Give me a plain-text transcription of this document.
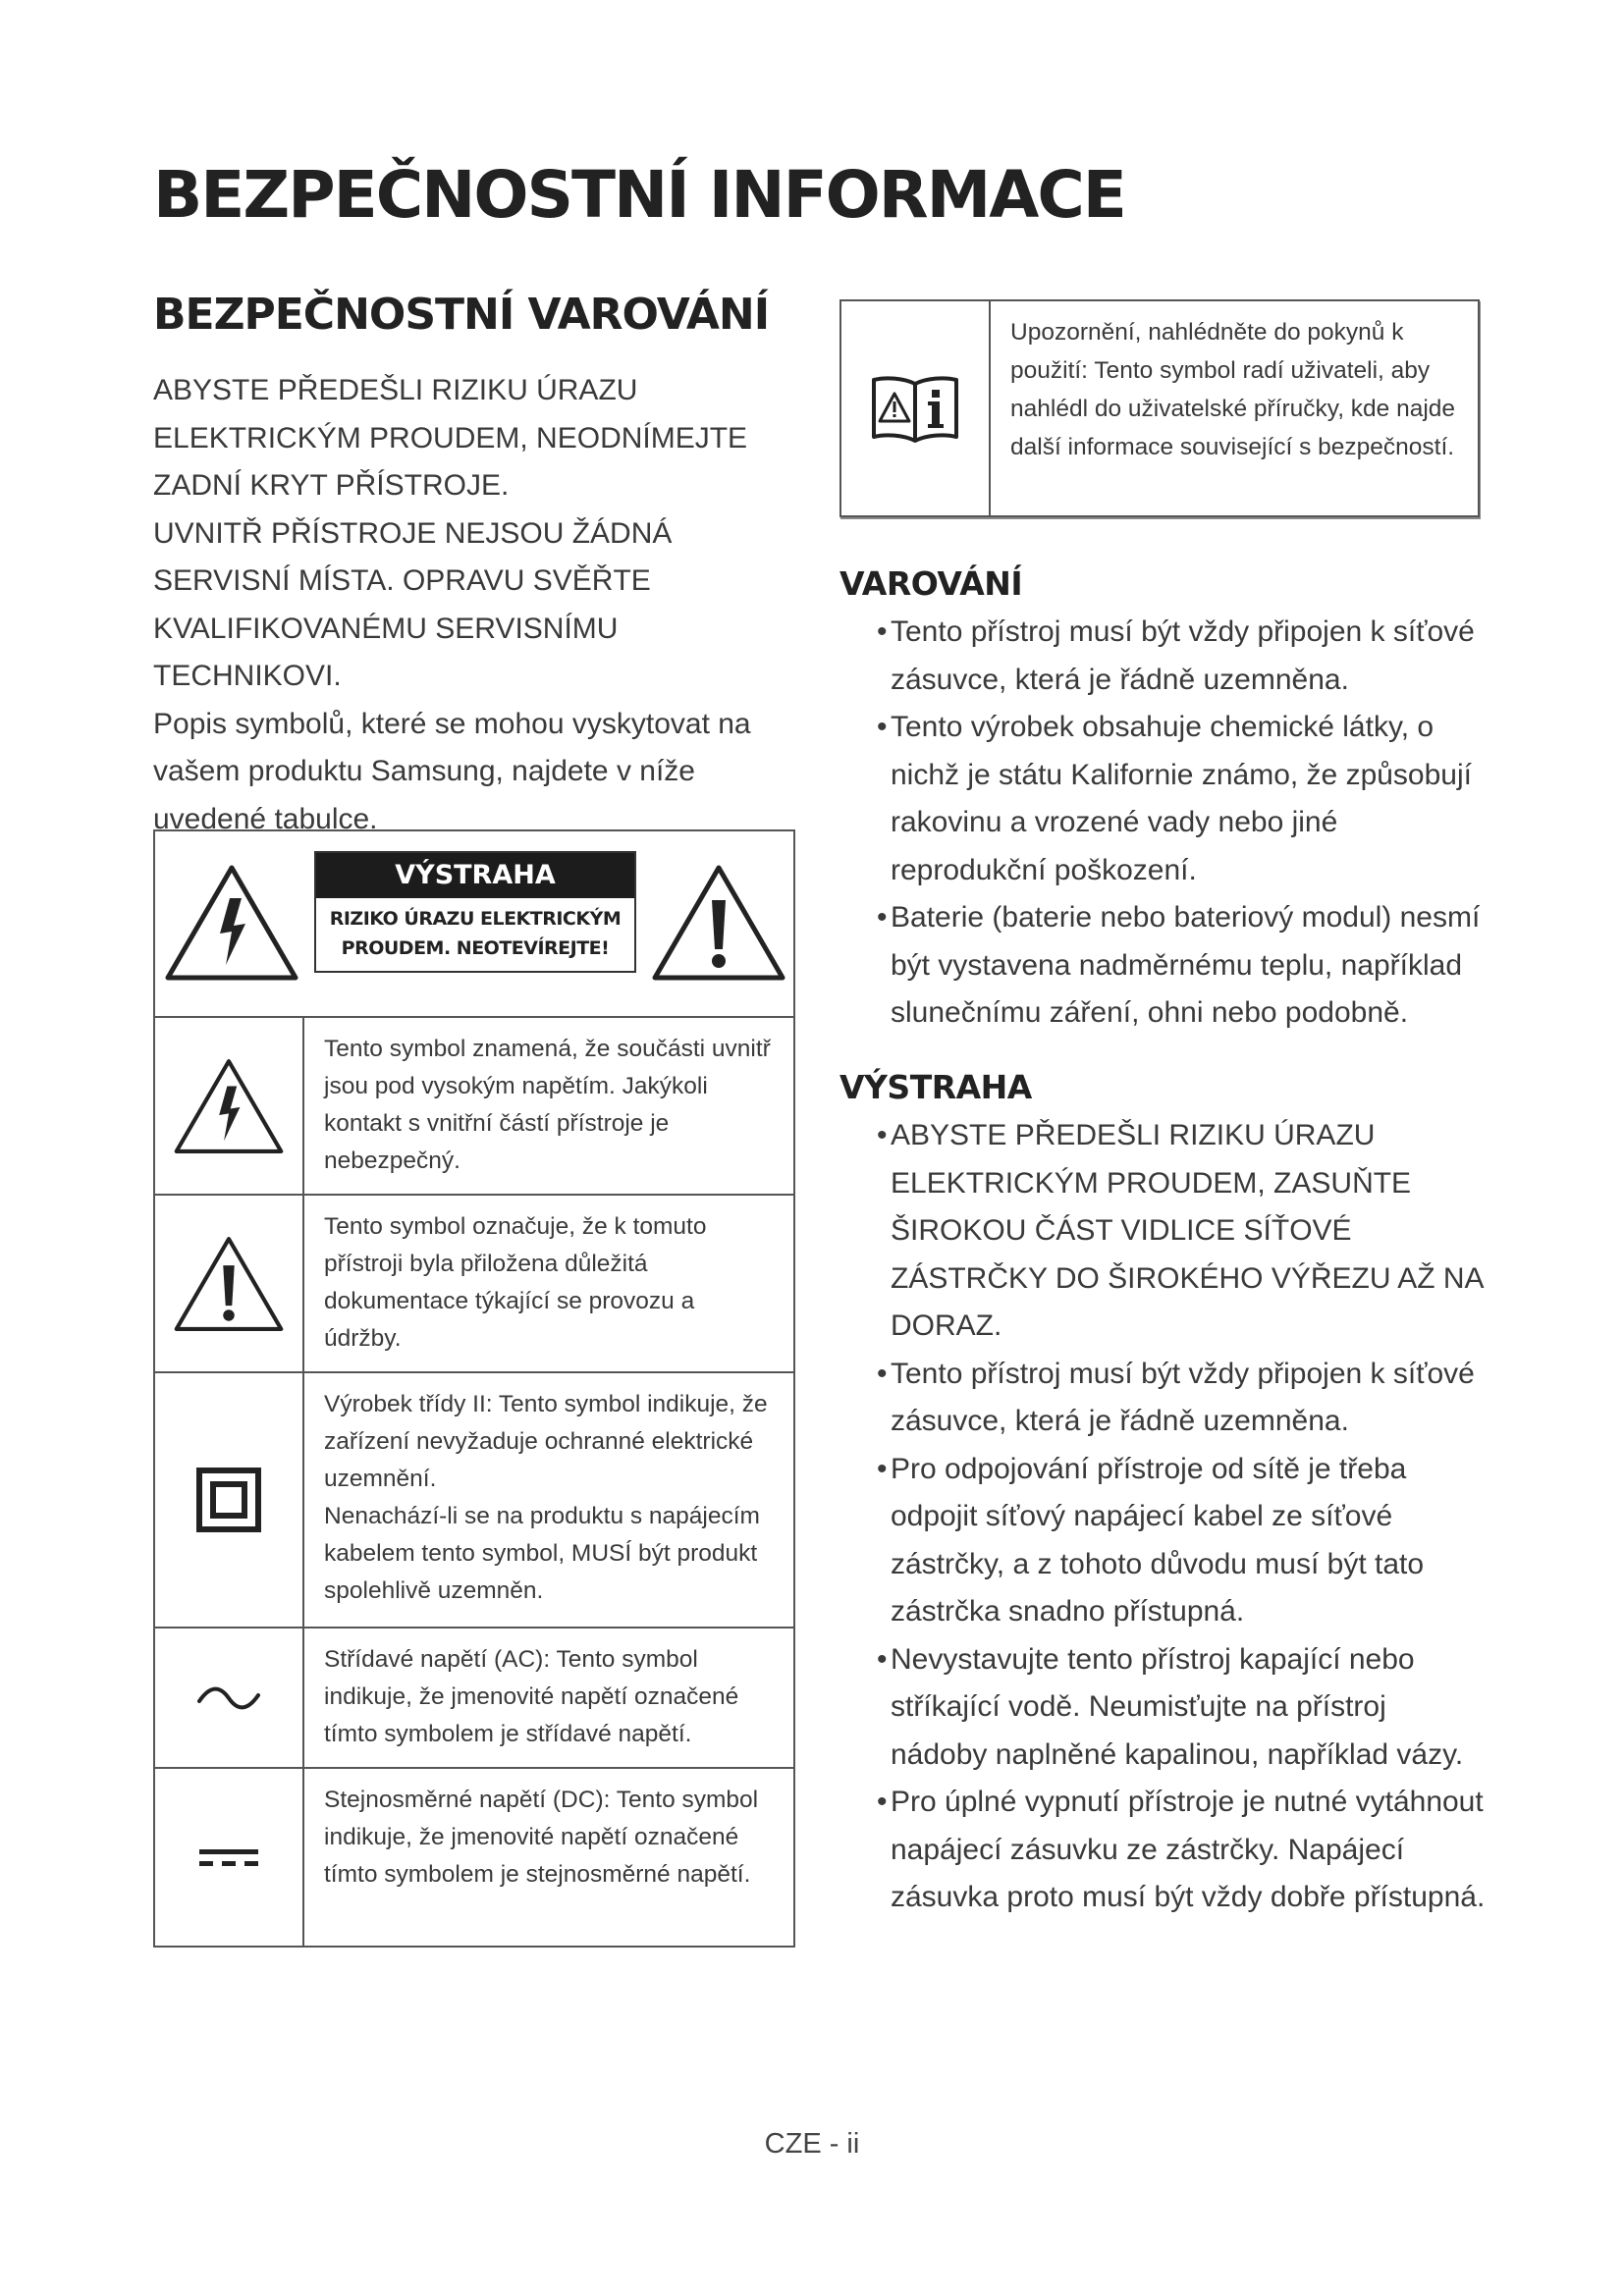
BEZPEČNOSTNÍ INFORMACE
BEZPEČNOSTNÍ VAROVÁNÍ

ABYSTE PŘEDEŠLI RIZIKU ÚRAZU ELEKTRICKÝM PROUDEM, NEODNÍMEJTE ZADNÍ KRYT PŘÍSTROJE.

UVNITŘ PŘÍSTROJE NEJSOU ŽÁDNÁ SERVISNÍ MÍSTA. OPRAVU SVĚŘTE KVALIFIKOVANÉMU SERVISNÍMU TECHNIKOVI.

Popis symbolů, které se mohou vyskytovat na vašem produktu Samsung, najdete v níže uvedené tabulce.

VÝSTRAHA
RIZIKO ÚRAZU ELEKTRICKÝM
PROUDEM. NEOTEVÍREJTE!
Tento symbol znamená, že součásti uvnitř jsou pod vysokým napětím. Jakýkoli kontakt s vnitřní částí přístroje je nebezpečný.
Tento symbol označuje, že k tomuto přístroji byla přiložena důležitá dokumentace týkající se provozu a údržby.
Výrobek třídy II: Tento symbol indikuje, že zařízení nevyžaduje ochranné elektrické uzemnění.
Nenachází-li se na produktu s napájecím kabelem tento symbol, MUSÍ být produkt spolehlivě uzemněn.
Střídavé napětí (AC): Tento symbol indikuje, že jmenovité napětí označené tímto symbolem je střídavé napětí.
Stejnosměrné napětí (DC): Tento symbol indikuje, že jmenovité napětí označené tímto symbolem je stejnosměrné napětí.
Upozornění, nahlédněte do pokynů k použití: Tento symbol radí uživateli, aby nahlédl do uživatelské příručky, kde najde další informace související s bezpečností.
VAROVÁNÍ
• Tento přístroj musí být vždy připojen k síťové zásuvce, která je řádně uzemněna.
• Tento výrobek obsahuje chemické látky, o nichž je státu Kalifornie známo, že způsobují rakovinu a vrozené vady nebo jiné reprodukční poškození.
• Baterie (baterie nebo bateriový modul) nesmí být vystavena nadměrnému teplu, například slunečnímu záření, ohni nebo podobně.
VÝSTRAHA
• ABYSTE PŘEDEŠLI RIZIKU ÚRAZU ELEKTRICKÝM PROUDEM, ZASUŇTE ŠIROKOU ČÁST VIDLICE SÍŤOVÉ ZÁSTRČKY DO ŠIROKÉHO VÝŘEZU AŽ NA DORAZ.
• Tento přístroj musí být vždy připojen k síťové zásuvce, která je řádně uzemněna.
• Pro odpojování přístroje od sítě je třeba odpojit síťový napájecí kabel ze síťové zástrčky, a z tohoto důvodu musí být tato zástrčka snadno přístupná.
• Nevystavujte tento přístroj kapající nebo stříkající vodě. Neumisťujte na přístroj nádoby naplněné kapalinou, například vázy.
• Pro úplné vypnutí přístroje je nutné vytáhnout napájecí zásuvku ze zástrčky. Napájecí zásuvka proto musí být vždy dobře přístupná.
CZE - ii
